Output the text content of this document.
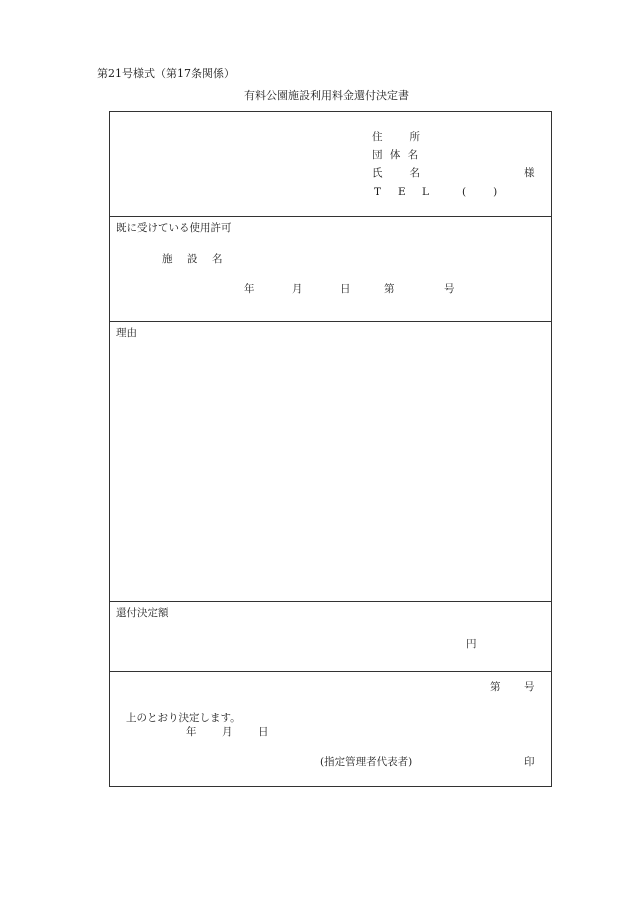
第21号様式（第17条関係）
有料公園施設利用料金還付決定書
住　　所
団 体 名
氏　　名	様
T E L	(　　)
既に受けている使用許可
施　設　名
年	月	日	第	号
理由
還付決定額
円
第 号
上のとおり決定します。
年 月 日
(指定管理者代表者)	印
